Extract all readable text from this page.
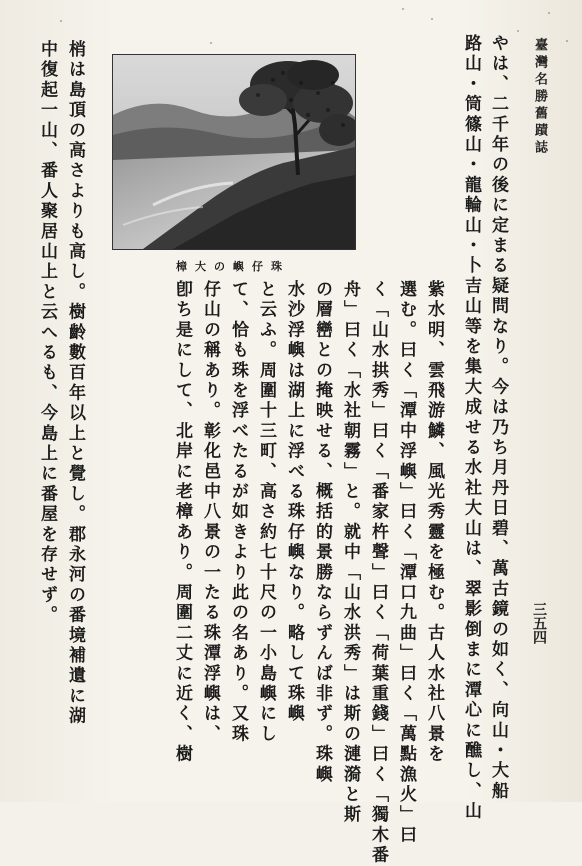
臺灣名勝舊蹟誌
三五四
珠仔嶼の大樟	やは、二千年の後に定まる疑問なり。今は乃ち月丹日碧、萬古鏡の如く、向山・大船
路山・筒篠山・龍輪山・卜吉山等を集大成せる水社大山は、翠影倒まに潭心に醮し、山
紫水明、雲飛游鱗、風光秀靈を極む。古人水社八景を
選む。曰く「潭中浮嶼」曰く「潭口九曲」曰く「萬點漁火」曰
く「山水拱秀」曰く「番家杵聲」曰く「荷葉重錢」曰く「獨木番
舟」曰く「水社朝霧」と。就中「山水洪秀」は斯の漣漪と斯
の層巒との掩映せる、概括的景勝ならずんば非ず。珠嶼
水沙浮嶼は湖上に浮べる珠仔嶼なり。略して珠嶼
と云ふ。周圍十三町、高さ約七十尺の一小島嶼にし
て、恰も珠を浮べたるが如きより此の名あり。又珠
仔山の稱あり。彰化邑中八景の一たる珠潭浮嶼は、
卽ち是にして、北岸に老樟あり。周圍二丈に近く、樹
梢は島頂の高さよりも高し。樹齡數百年以上と覺し。郡永河の番境補遺に湖
中復起一山、番人聚居山上と云へるも、今島上に番屋を存せず。
